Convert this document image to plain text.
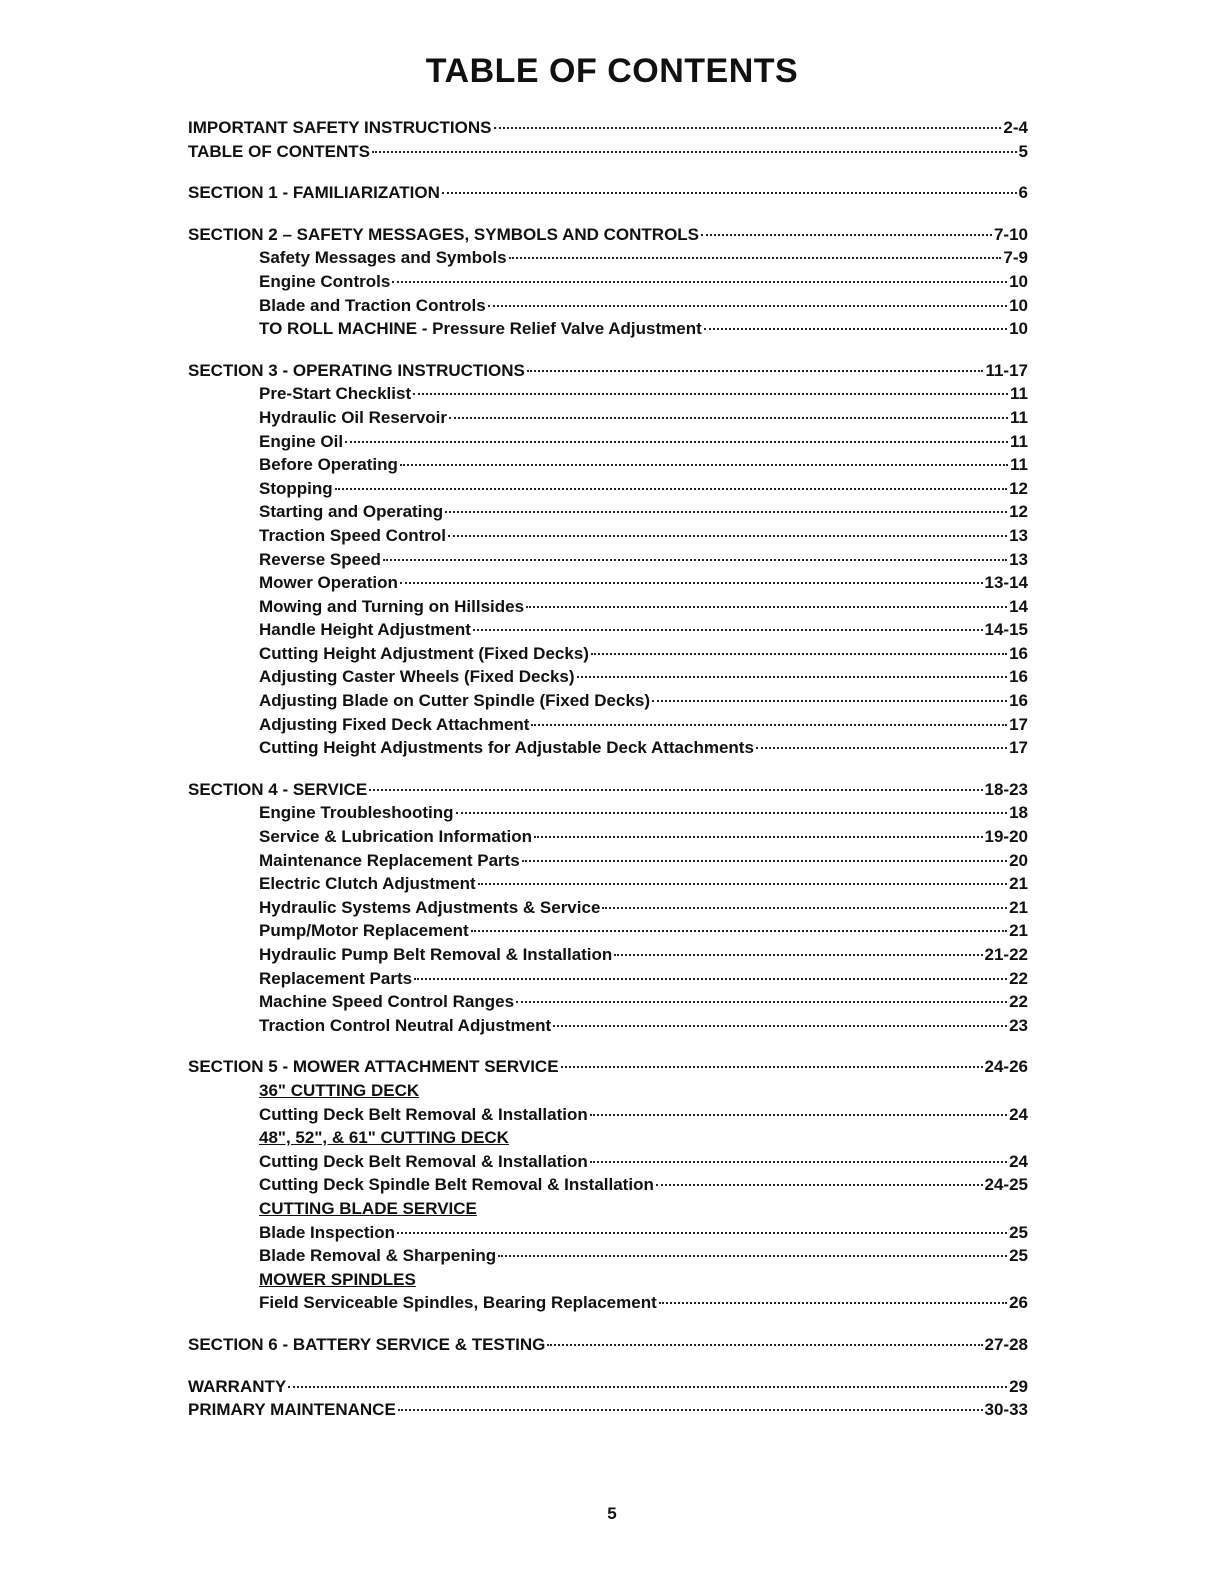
TABLE OF CONTENTS
IMPORTANT SAFETY INSTRUCTIONS	2-4
TABLE OF CONTENTS	5
SECTION 1 - FAMILIARIZATION	6
SECTION 2 – SAFETY MESSAGES, SYMBOLS AND CONTROLS	7-10
Safety Messages and Symbols	7-9
Engine Controls	10
Blade and Traction Controls	10
TO ROLL MACHINE - Pressure Relief Valve Adjustment	10
SECTION 3 - OPERATING INSTRUCTIONS	11-17
Pre-Start Checklist	11
Hydraulic Oil Reservoir	11
Engine Oil	11
Before Operating	11
Stopping	12
Starting and Operating	12
Traction Speed Control	13
Reverse Speed	13
Mower Operation	13-14
Mowing and Turning on Hillsides	14
Handle Height Adjustment	14-15
Cutting Height Adjustment (Fixed Decks)	16
Adjusting Caster Wheels (Fixed Decks)	16
Adjusting Blade on Cutter Spindle (Fixed Decks)	16
Adjusting Fixed Deck Attachment	17
Cutting Height Adjustments for Adjustable Deck Attachments	17
SECTION 4 - SERVICE	18-23
Engine Troubleshooting	18
Service & Lubrication Information	19-20
Maintenance Replacement Parts	20
Electric Clutch Adjustment	21
Hydraulic Systems Adjustments & Service	21
Pump/Motor Replacement	21
Hydraulic Pump Belt Removal & Installation	21-22
Replacement Parts	22
Machine Speed Control Ranges	22
Traction Control Neutral Adjustment	23
SECTION 5 - MOWER ATTACHMENT SERVICE	24-26
36" CUTTING DECK
Cutting Deck Belt Removal & Installation	24
48", 52", & 61" CUTTING DECK
Cutting Deck Belt Removal & Installation	24
Cutting Deck Spindle Belt Removal & Installation	24-25
CUTTING BLADE SERVICE
Blade Inspection	25
Blade Removal & Sharpening	25
MOWER SPINDLES
Field Serviceable Spindles, Bearing Replacement	26
SECTION 6 - BATTERY SERVICE & TESTING	27-28
WARRANTY	29
PRIMARY MAINTENANCE	30-33
5
